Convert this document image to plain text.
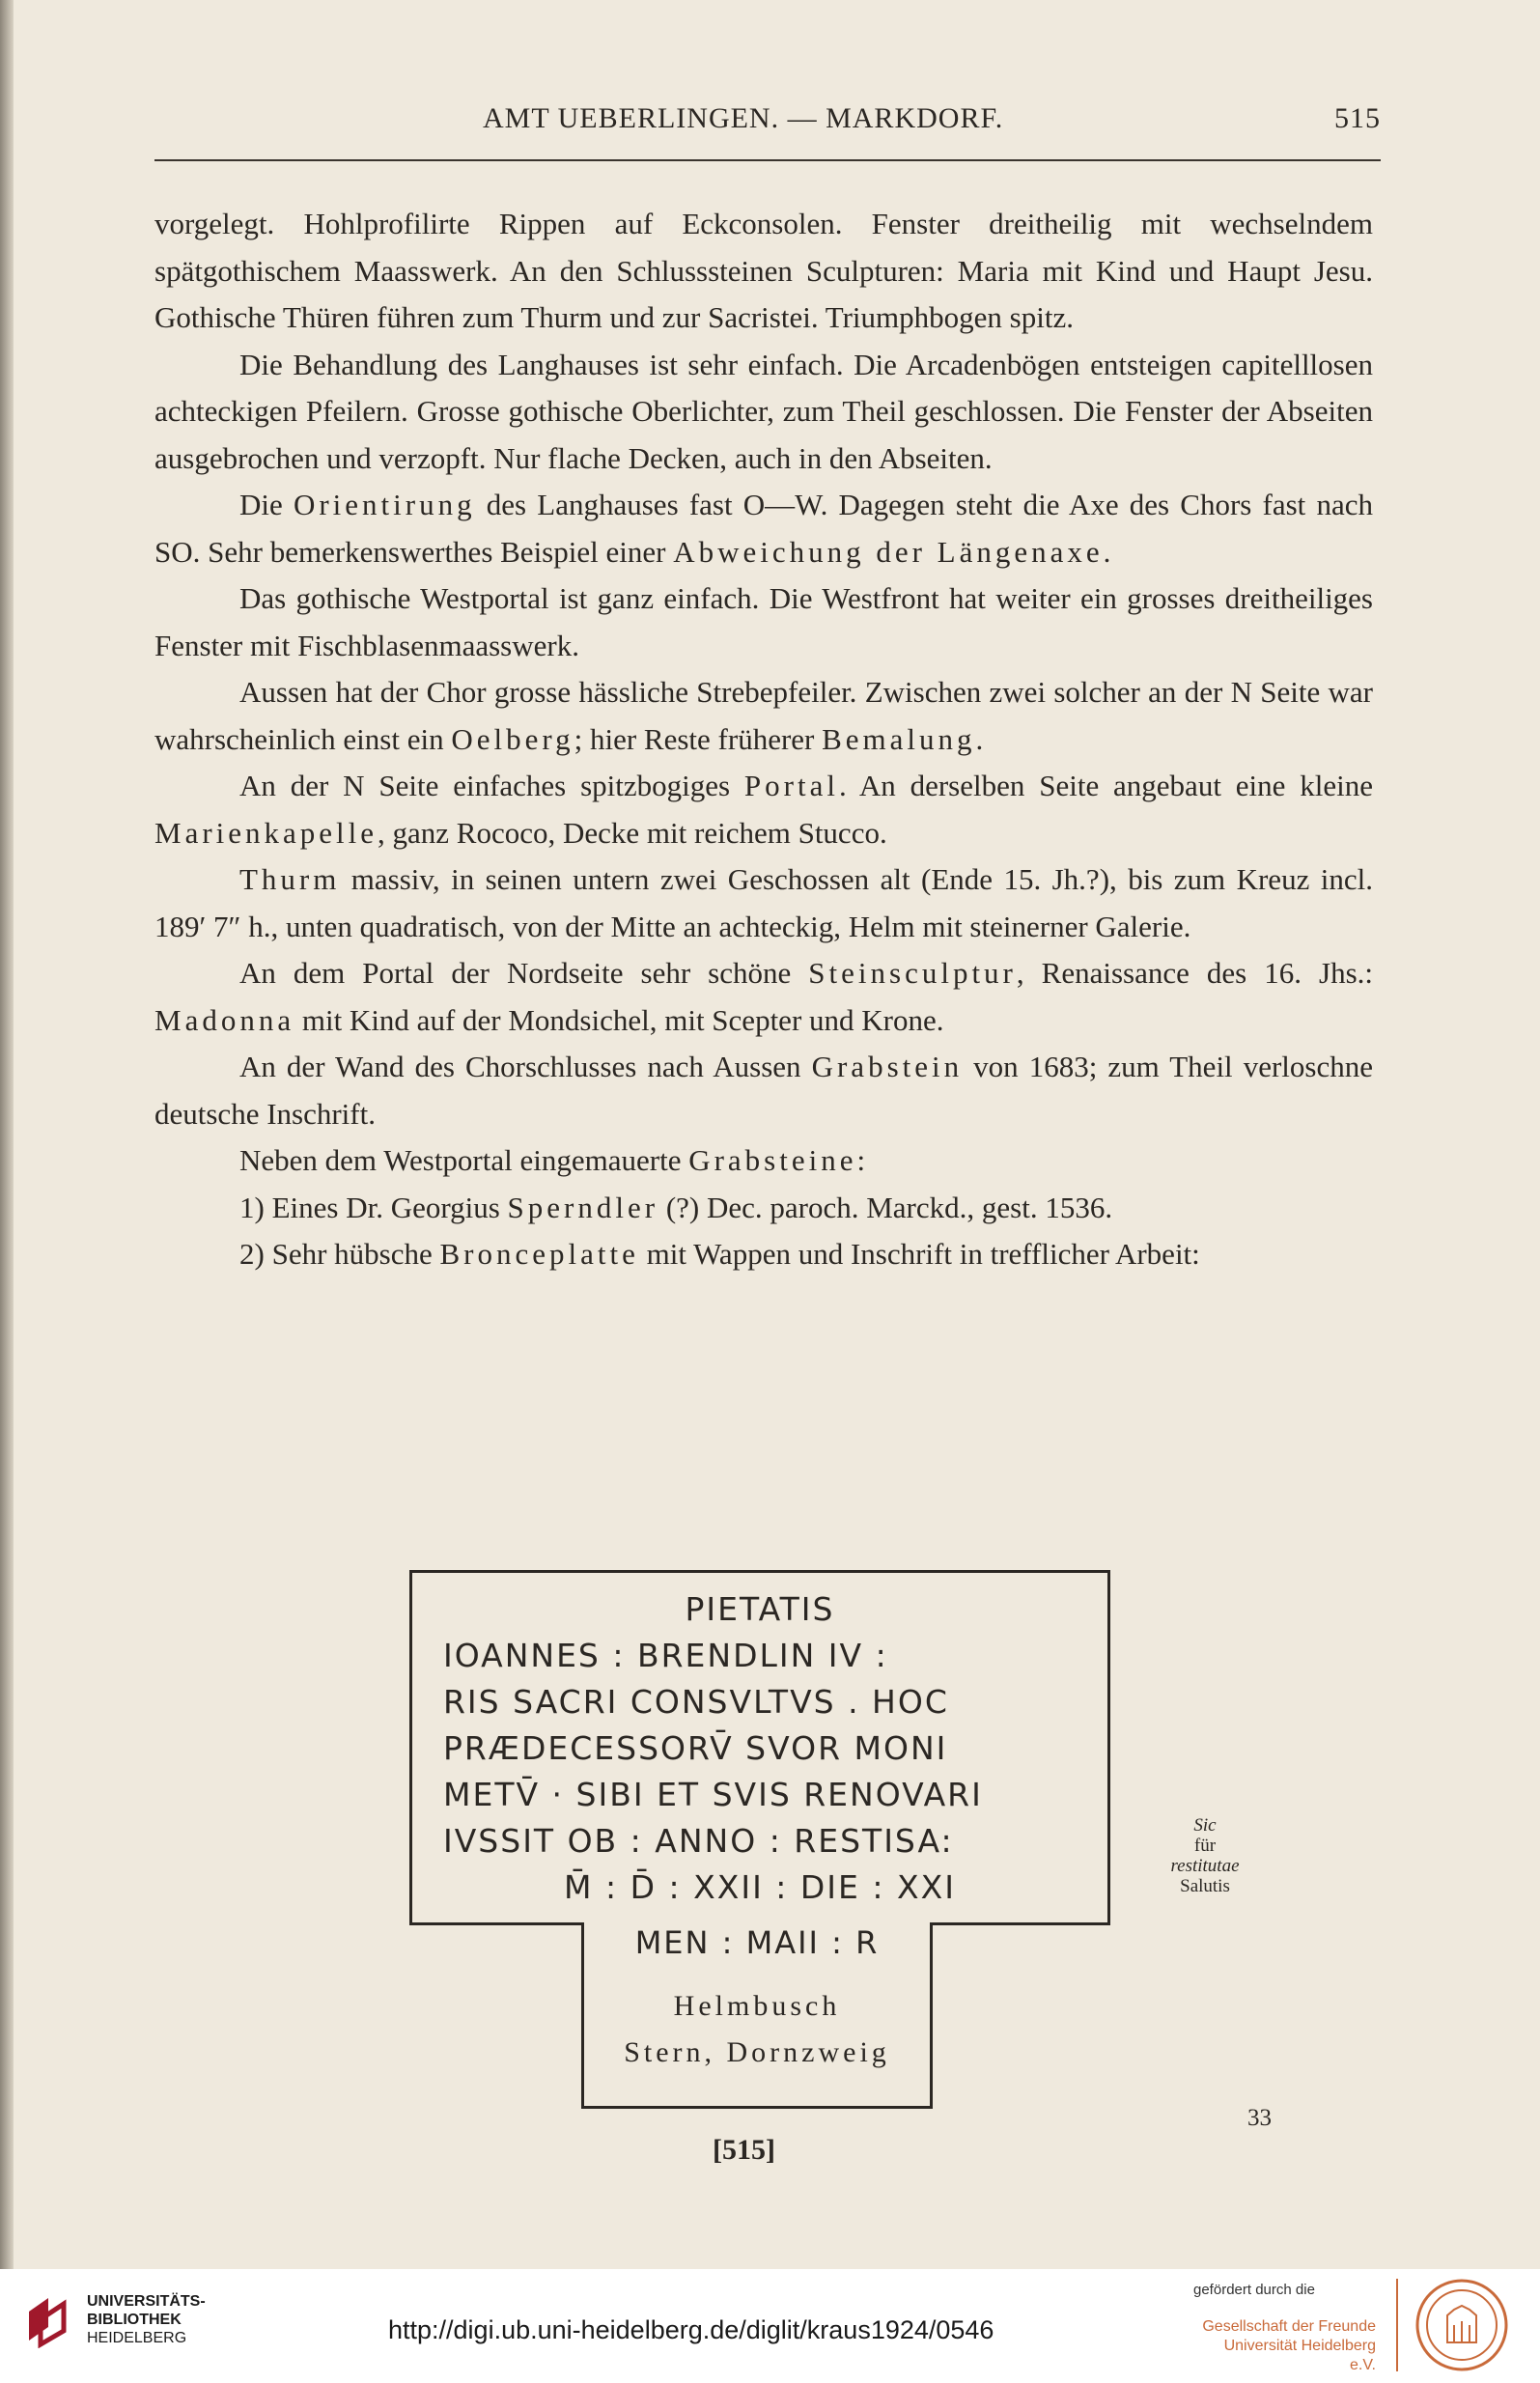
AMT UEBERLINGEN. — MARKDORF.	515

vorgelegt. Hohlprofilirte Rippen auf Eckconsolen. Fenster dreitheilig mit wechselndem spätgothischem Maasswerk. An den Schlusssteinen Sculpturen: Maria mit Kind und Haupt Jesu. Gothische Thüren führen zum Thurm und zur Sacristei. Triumphbogen spitz.

Die Behandlung des Langhauses ist sehr einfach. Die Arcadenbögen entsteigen capitelllosen achteckigen Pfeilern. Grosse gothische Oberlichter, zum Theil geschlossen. Die Fenster der Abseiten ausgebrochen und verzopft. Nur flache Decken, auch in den Abseiten.

Die Orientirung des Langhauses fast O—W. Dagegen steht die Axe des Chors fast nach SO. Sehr bemerkenswerthes Beispiel einer Abweichung der Längenaxe.

Das gothische Westportal ist ganz einfach. Die Westfront hat weiter ein grosses dreitheiliges Fenster mit Fischblasenmaasswerk.

Aussen hat der Chor grosse hässliche Strebepfeiler. Zwischen zwei solcher an der N Seite war wahrscheinlich einst ein Oelberg; hier Reste früherer Bemalung.

An der N Seite einfaches spitzbogiges Portal. An derselben Seite angebaut eine kleine Marienkapelle, ganz Rococo, Decke mit reichem Stucco.

Thurm massiv, in seinen untern zwei Geschossen alt (Ende 15. Jh.?), bis zum Kreuz incl. 189′ 7″ h., unten quadratisch, von der Mitte an achteckig, Helm mit steinerner Galerie.

An dem Portal der Nordseite sehr schöne Steinsculptur, Renaissance des 16. Jhs.: Madonna mit Kind auf der Mondsichel, mit Scepter und Krone.

An der Wand des Chorschlusses nach Aussen Grabstein von 1683; zum Theil verloschne deutsche Inschrift.

Neben dem Westportal eingemauerte Grabsteine:

1) Eines Dr. Georgius Sperndler (?) Dec. paroch. Marckd., gest. 1536.

2) Sehr hübsche Bronceplatte mit Wappen und Inschrift in trefflicher Arbeit:

PIETATIS
IOANNES : BRENDLIN IV :
RIS SACRI CONSVLTVS . HOC
PRÆDECESSORV̄ SVOR MONI
METV̄ · SIBI ET SVIS RENOVARI
IVSSIT OB : ANNO : RESTISA:
M̄ : D̄ : XXII : DIE : XXI
MEN : MAII : R
Helmbusch
Stern, Dornzweig
Sic
für
restitutae
Salutis
33
[515]
UNIVERSITÄTS-
BIBLIOTHEK
HEIDELBERG	http://digi.ub.uni-heidelberg.de/diglit/kraus1924/0546
gefördert durch die
Gesellschaft der Freunde
Universität Heidelberg e.V.
